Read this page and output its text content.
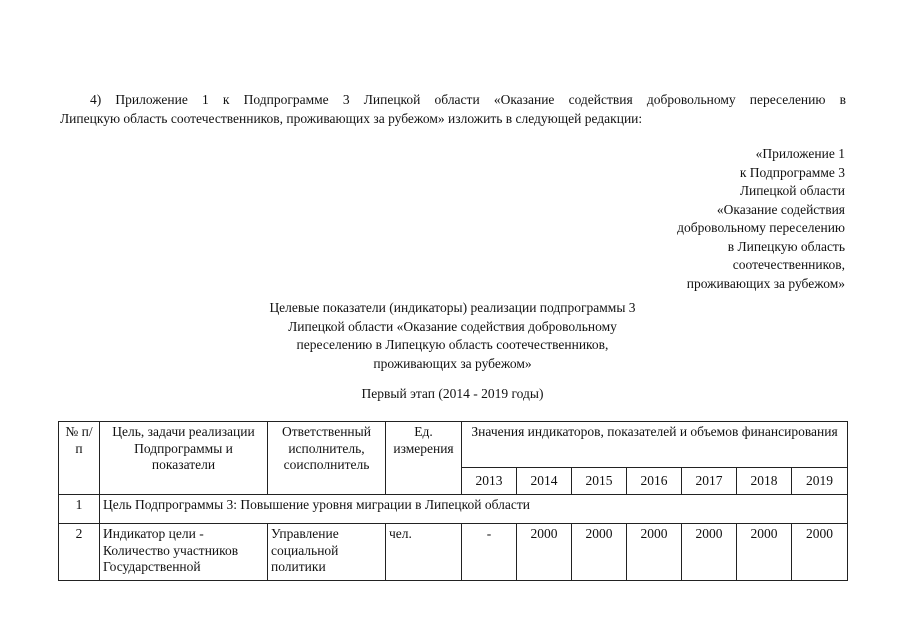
4) Приложение 1 к Подпрограмме 3 Липецкой области «Оказание содействия добровольному переселению в

Липецкую область соотечественников, проживающих за рубежом» изложить в следующей редакции:

«Приложение 1
к Подпрограмме 3
Липецкой области
«Оказание содействия
добровольному переселению
в Липецкую область
соотечественников,
проживающих за рубежом»
Целевые показатели (индикаторы) реализации подпрограммы 3
Липецкой области «Оказание содействия добровольному
переселению в Липецкую область соотечественников,
проживающих за рубежом»
Первый этап (2014 - 2019 годы)
№ п/п	Цель, задачи реализации Подпрограммы и показатели	Ответственный исполнитель, соисполнитель	Ед. измерения	Значения индикаторов, показателей и объемов финансирования						
				2013	2014	2015	2016	2017	2018	2019
1	Цель Подпрограммы 3: Повышение уровня миграции в Липецкой области									
2	Индикатор цели - Количество участников Государственной	Управление социальной политики	чел.	-	2000	2000	2000	2000	2000	2000
